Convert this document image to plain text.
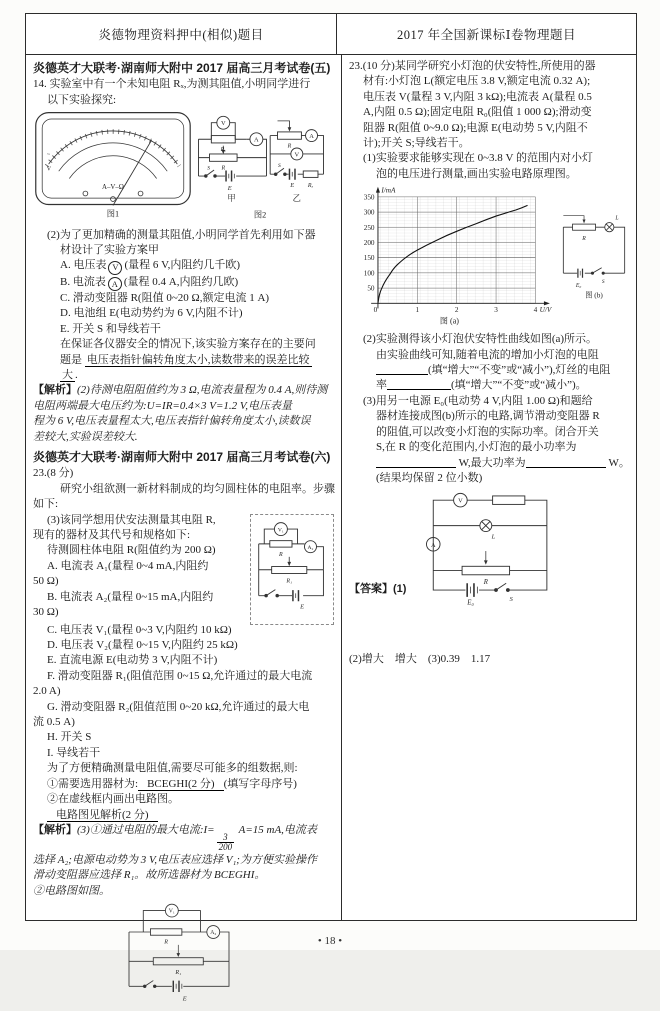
炎德物理资料押中(相似)题目	2017 年全国新课标Ⅰ卷物理题目
炎德英才大联考·湖南师大附中 2017 届高三月考试卷(五)
14. 实验室中有一个未知电阻 Rₓ,为测其阻值,小明同学进行
以下实验探究:
A–V–Ω
~
V
图1
V
A
Rₓ
R
S
E
甲
A
V
R
S
E Rₓ
乙
图2
(2)为了更加精确的测量其阻值,小明同学首先利用如下器
材设计了实验方案甲
A. 电压表 V (量程 6 V,内阻约几千欧)
B. 电流表 A (量程 0.4 A,内阻约几欧)
C. 滑动变阻器 R(阻值 0~20 Ω,额定电流 1 A)
D. 电池组 E(电动势约为 6 V,内阻不计)
E. 开关 S 和导线若干
在保证各仪器安全的情况下,该实验方案存在的主要问
题是 电压表指针偏转角度太小,读数带来的误差比较
大 .
【解析】(2)待测电阻阻值约为 3 Ω,电流表量程为 0.4 A,则待测
电阻两端最大电压约为:U=IR=0.4×3 V=1.2 V,电压表量
程为 6 V,电压表量程太大,电压表指针偏转角度太小,读数误
差较大,实验误差较大.
炎德英才大联考·湖南师大附中 2017 届高三月考试卷(六)
23.(8 分)
研究小组欲测一新材料制成的均匀圆柱体的电阻率。步骤
如下:
V₁
A₂
R
R₁
E
(3)该同学想用伏安法测量其电阻 R,
现有的器材及其代号和规格如下:
待测圆柱体电阻 R(阻值约为 200 Ω)
A. 电流表 A₁(量程 0~4 mA,内阻约
50 Ω)
B. 电流表 A₂(量程 0~15 mA,内阻约
30 Ω)
C. 电压表 V₁(量程 0~3 V,内阻约 10 kΩ)
D. 电压表 V₂(量程 0~15 V,内阻约 25 kΩ)
E. 直流电源 E(电动势 3 V,内阻不计)
F. 滑动变阻器 R₁(阻值范围 0~15 Ω,允许通过的最大电流
2.0 A)
G. 滑动变阻器 R₂(阻值范围 0~20 kΩ,允许通过的最大电
流 0.5 A)
H. 开关 S
I. 导线若干
为了方便精确测量电阻值,需要尽可能多的组数据,则:
①需要选用器材为: BCEGHI(2 分) (填写字母序号)
②在虚线框内画出电路图。
电路图见解析(2 分)
【解析】(3)①通过电阻的最大电流:I=
$\frac{3}{200}$
A=15 mA,电流表
选择 A₂;电源电动势为 3 V,电压表应选择 V₁;为方便实验操作
滑动变阻器应选择 R₁。故所选器材为 BCEGHI。
②电路图如图。
V₁
A₂
R
R₁
E
23.(10 分)某同学研究小灯泡的伏安特性,所使用的器
材有:小灯泡 L(额定电压 3.8 V,额定电流 0.32 A);
电压表 V(量程 3 V,内阻 3 kΩ);电流表 A(量程 0.5
A,内阻 0.5 Ω);固定电阻 R₀(阻值 1 000 Ω);滑动变
阻器 R(阻值 0~9.0 Ω);电源 E(电动势 5 V,内阻不
计);开关 S;导线若干。
(1)实验要求能够实现在 0~3.8 V 的范围内对小灯
泡的电压进行测量,画出实验电路原理图。
350
300
250
200
150
100
50
0	1	2	3	4
I/mA
U/V
图 (a)
R
L
E₀
S
图 (b)
(2)实验测得该小灯泡伏安特性曲线如图(a)所示。
由实验曲线可知,随着电流的增加小灯泡的电阻
(填“增大”“不变”或“减小”),灯丝的电阻
率	(填“增大”“不变”或“减小”)。
(3)用另一电源 E₀(电动势 4 V,内阻 1.00 Ω)和题给
器材连接成图(b)所示的电路,调节滑动变阻器 R
的阻值,可以改变小灯泡的实际功率。闭合开关
S,在 R 的变化范围内,小灯泡的最小功率为
W,最大功率为	W。
(结果均保留 2 位小数)
【答案】(1)
V
A
L
R
E₀	S
(2)增大　增大　(3)0.39　1.17
• 18 •
